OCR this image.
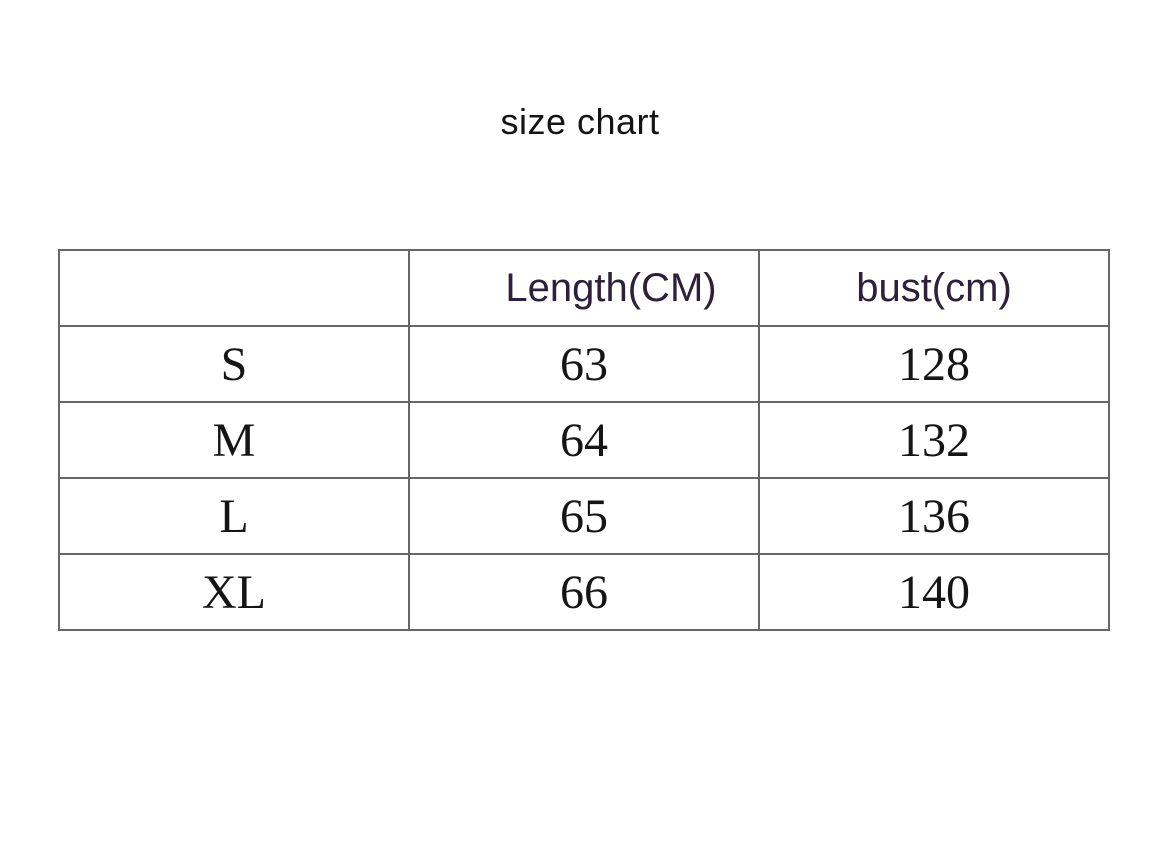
size chart
	Length(CM)	bust(cm)
S	63	128
M	64	132
L	65	136
XL	66	140
